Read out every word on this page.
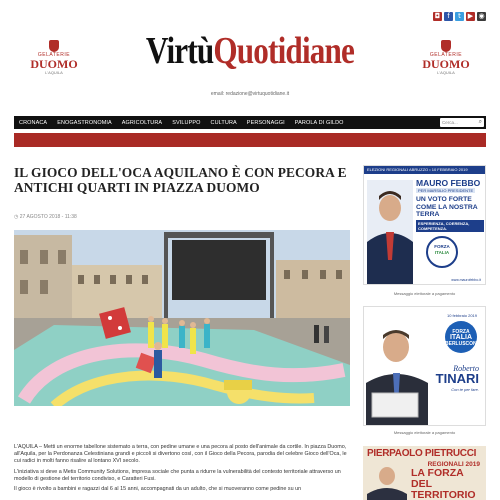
◘	f	t ▶ ◉
GELATERIE
DUOMO
L'AQUILA
VirtùQuotidiane	GELATERIE
DUOMO
L'AQUILA
email: redazione@virtuquotidiane.it
CRONACA	ENOGASTRONOMIA	AGRICOLTURA	SVILUPPO	CULTURA	PERSONAGGI	PAROLA DI GILDO	Cerca...	⌕
IL GIOCO DELL'OCA AQUILANO È CON PECORA E ANTICHI QUARTI IN PIAZZA DUOMO
◷ 27 AGOSTO 2018 - 11:38

L'AQUILA – Metti un enorme tabellone sistemato a terra, con pedine umane e una pecora al posto dell'animale da cortile. In piazza Duomo, all'Aquila, per la Perdonanza Celestiniana grandi e piccoli si divertono così, con il Gioco della Pecora, parodia del celebre Gioco dell'Oca, le cui radici in molti fanno risalire al lontano XVI secolo.

L'iniziativa si deve a Metis Community Solutions, impresa sociale che punta a ridurre la vulnerabilità del contesto territoriale attraverso un modello di gestione del territorio condiviso, e Caratteri Fusi.

Il gioco è rivolto a bambini e ragazzi dal 6 al 15 anni, accompagnati da un adulto, che si muoveranno come pedine su un

ELEZIONI REGIONALI ABRUZZO • 10 FEBBRAIO 2019
MAURO FEBBO
PER MARSILIO PRESIDENTE
UN VOTO FORTE COME LA NOSTRA TERRA
ESPERIENZA, COERENZA, COMPETENZA.
FORZA
ITALIA
www.maurofebbo.it
Messaggio elettorale a pagamento
10 febbraio 2019
FORZA
ITALIA
BERLUSCONI
Roberto
TINARI
Con te per fare.
Messaggio elettorale a pagamento
PIERPAOLO PIETRUCCI
REGIONALI 2019
LA FORZA DEL TERRITORIO
